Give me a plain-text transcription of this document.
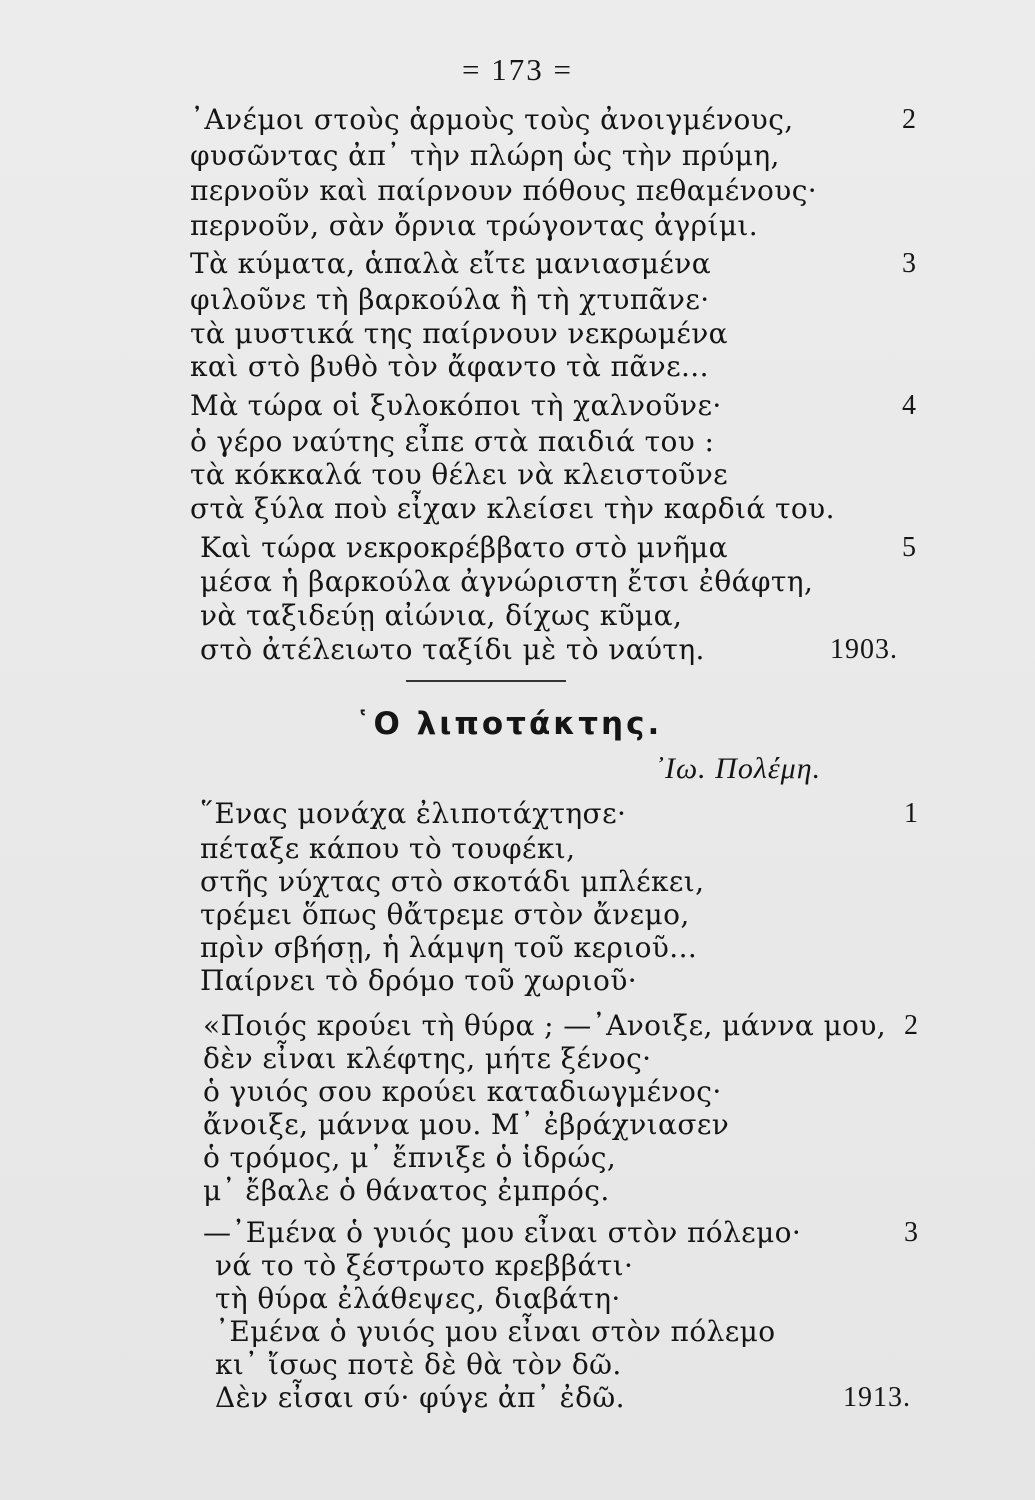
= 173 =
᾽Ανέμοι στοὺς ἁρμοὺς τοὺς ἀνοιγμένους,
φυσῶντας ἀπ᾽ τὴν πλώρη ὡς τὴν πρύμη,
περνοῦν καὶ παίρνουν πόθους πεθαμένους·
περνοῦν, σὰν ὄρνια τρώγοντας ἀγρίμι.
2
Τὰ κύματα, ἁπαλὰ εἴτε μανιασμένα
φιλοῦνε τὴ βαρκούλα ἢ τὴ χτυπᾶνε·
τὰ μυστικά της παίρνουν νεκρωμένα
καὶ στὸ βυθὸ τὸν ἄφαντο τὰ πᾶνε...
3
Μὰ τώρα οἱ ξυλοκόποι τὴ χαλνοῦνε·
ὁ γέρο ναύτης εἶπε στὰ παιδιά του :
τὰ κόκκαλά του θέλει νὰ κλειστοῦνε
στὰ ξύλα ποὺ εἶχαν κλείσει τὴν καρδιά του.
4
Καὶ τώρα νεκροκρέββατο στὸ μνῆμα
μέσα ἡ βαρκούλα ἀγνώριστη ἔτσι ἐθάφτη,
νὰ ταξιδεύῃ αἰώνια, δίχως κῦμα,
στὸ ἀτέλειωτο ταξίδι μὲ τὸ ναύτη.
5
1903.
῾Ο λιποτάκτης.
᾽Ιω. Πολέμη.
῞Ενας μονάχα ἐλιποτάχτησε·
πέταξε κάπου τὸ τουφέκι,
στῆς νύχτας στὸ σκοτάδι μπλέκει,
τρέμει ὅπως θἄτρεμε στὸν ἄνεμο,
πρὶν σβήσῃ, ἡ λάμψη τοῦ κεριοῦ...
Παίρνει τὸ δρόμο τοῦ χωριοῦ·
1
«Ποιός κρούει τὴ θύρα ; —᾽Ανοιξε, μάννα μου,
δὲν εἶναι κλέφτης, μήτε ξένος·
ὁ γυιός σου κρούει καταδιωγμένος·
ἄνοιξε, μάννα μου. Μ᾽ ἐβράχνιασεν
ὁ τρόμος, μ᾽ ἔπνιξε ὁ ἱδρώς,
μ᾽ ἔβαλε ὁ θάνατος ἐμπρός.
2
—᾽Εμένα ὁ γυιός μου εἶναι στὸν πόλεμο·
νά το τὸ ξέστρωτο κρεββάτι·
τὴ θύρα ἐλάθεψες, διαβάτη·
᾽Εμένα ὁ γυιός μου εἶναι στὸν πόλεμο
κι᾽ ἴσως ποτὲ δὲ θὰ τὸν δῶ.
Δὲν εἶσαι σύ· φύγε ἀπ᾽ ἐδῶ.
3
1913.
